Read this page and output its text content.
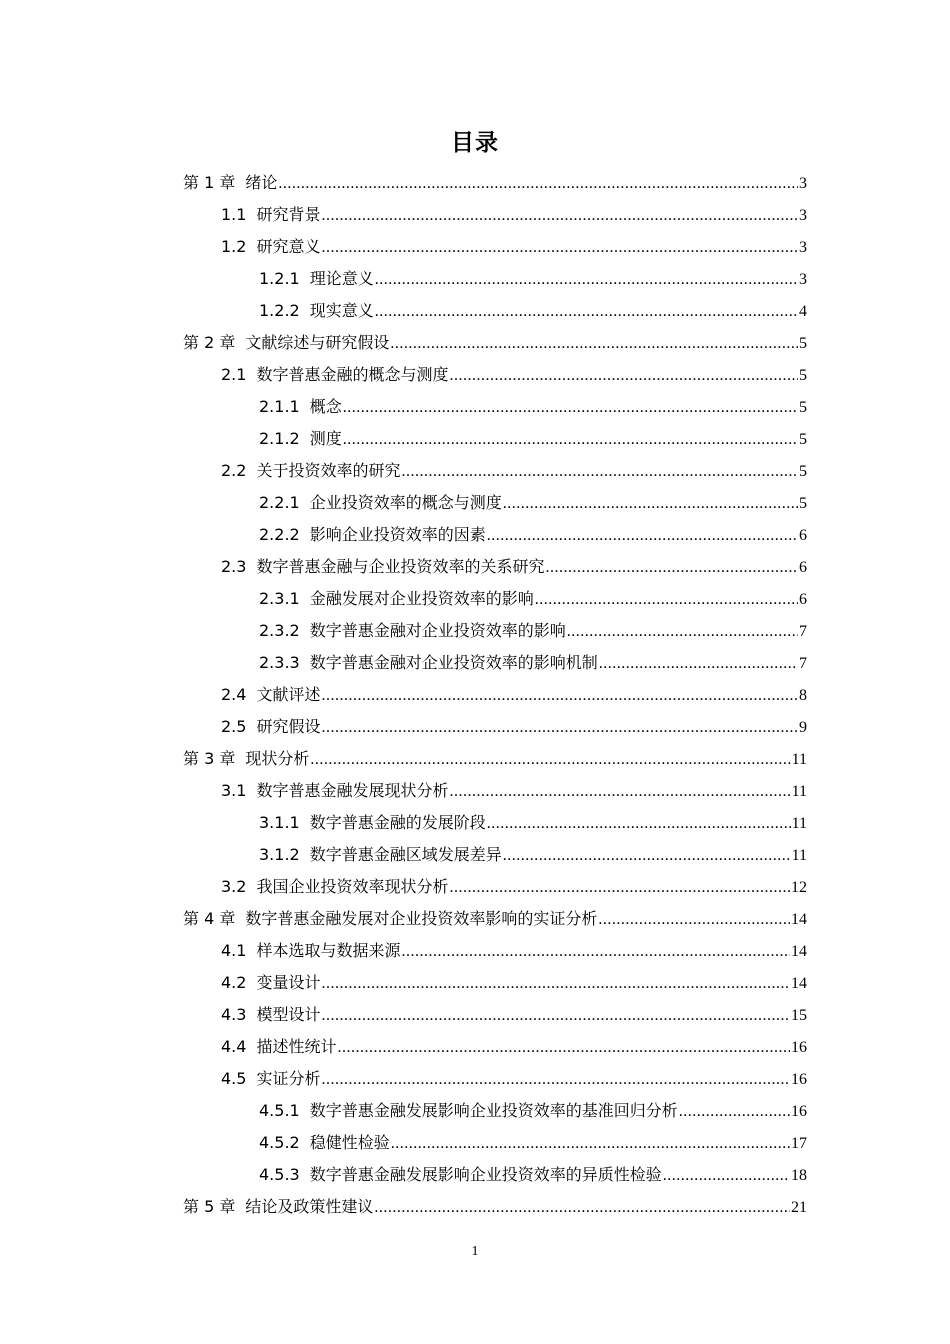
目录
第 1 章 绪论 .....	3
1.1 研究背景 .....	3
1.2 研究意义 .....	3
1.2.1 理论意义 .....	3
1.2.2 现实意义 .....	4
第 2 章 文献综述与研究假设 .....	5
2.1 数字普惠金融的概念与测度 .....	5
2.1.1 概念 .....	5
2.1.2 测度 .....	5
2.2 关于投资效率的研究 .....	5
2.2.1 企业投资效率的概念与测度 .....	5
2.2.2 影响企业投资效率的因素 .....	6
2.3 数字普惠金融与企业投资效率的关系研究 .....	6
2.3.1 金融发展对企业投资效率的影响 .....	6
2.3.2 数字普惠金融对企业投资效率的影响 .....	7
2.3.3 数字普惠金融对企业投资效率的影响机制 .....	7
2.4 文献评述 .....	8
2.5 研究假设 .....	9
第 3 章 现状分析 .....	11
3.1 数字普惠金融发展现状分析 .....	11
3.1.1 数字普惠金融的发展阶段 .....	11
3.1.2 数字普惠金融区域发展差异 .....	11
3.2 我国企业投资效率现状分析 .....	12
第 4 章 数字普惠金融发展对企业投资效率影响的实证分析 .....	14
4.1 样本选取与数据来源 .....	14
4.2 变量设计 .....	14
4.3 模型设计 .....	15
4.4 描述性统计 .....	16
4.5 实证分析 .....	16
4.5.1 数字普惠金融发展影响企业投资效率的基准回归分析 .....	16
4.5.2 稳健性检验 .....	17
4.5.3 数字普惠金融发展影响企业投资效率的异质性检验 .....	18
第 5 章 结论及政策性建议 .....	21
1
